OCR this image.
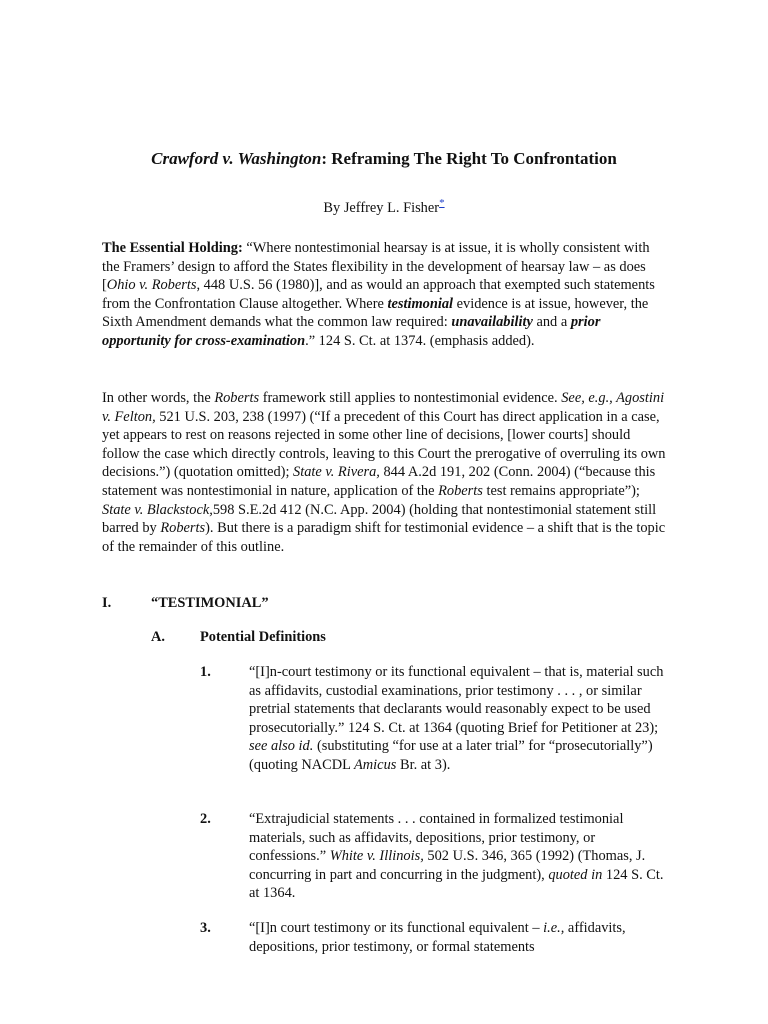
Crawford v. Washington: Reframing The Right To Confrontation
By Jeffrey L. Fisher*

The Essential Holding: “Where nontestimonial hearsay is at issue, it is wholly consistent with the Framers’ design to afford the States flexibility in the development of hearsay law – as does [Ohio v. Roberts, 448 U.S. 56 (1980)], and as would an approach that exempted such statements from the Confrontation Clause altogether. Where testimonial evidence is at issue, however, the Sixth Amendment demands what the common law required: unavailability and a prior opportunity for cross-examination.” 124 S. Ct. at 1374. (emphasis added).

In other words, the Roberts framework still applies to nontestimonial evidence. See, e.g., Agostini v. Felton, 521 U.S. 203, 238 (1997) (“If a precedent of this Court has direct application in a case, yet appears to rest on reasons rejected in some other line of decisions, [lower courts] should follow the case which directly controls, leaving to this Court the prerogative of overruling its own decisions.”) (quotation omitted); State v. Rivera, 844 A.2d 191, 202 (Conn. 2004) (“because this statement was nontestimonial in nature, application of the Roberts test remains appropriate”); State v. Blackstock,598 S.E.2d 412 (N.C. App. 2004) (holding that nontestimonial statement still barred by Roberts). But there is a paradigm shift for testimonial evidence – a shift that is the topic of the remainder of this outline.

I.	“TESTIMONIAL”
A. Potential Definitions
1.	“[I]n-court testimony or its functional equivalent – that is, material such as affidavits, custodial examinations, prior testimony . . . , or similar pretrial statements that declarants would reasonably expect to be used prosecutorially.” 124 S. Ct. at 1364 (quoting Brief for Petitioner at 23); see also id. (substituting “for use at a later trial” for “prosecutorially”) (quoting NACDL Amicus Br. at 3).

2.	“Extrajudicial statements . . . contained in formalized testimonial materials, such as affidavits, depositions, prior testimony, or confessions.” White v. Illinois, 502 U.S. 346, 365 (1992) (Thomas, J. concurring in part and concurring in the judgment), quoted in 124 S. Ct. at 1364.

3.	“[I]n court testimony or its functional equivalent – i.e., affidavits, depositions, prior testimony, or formal statements
